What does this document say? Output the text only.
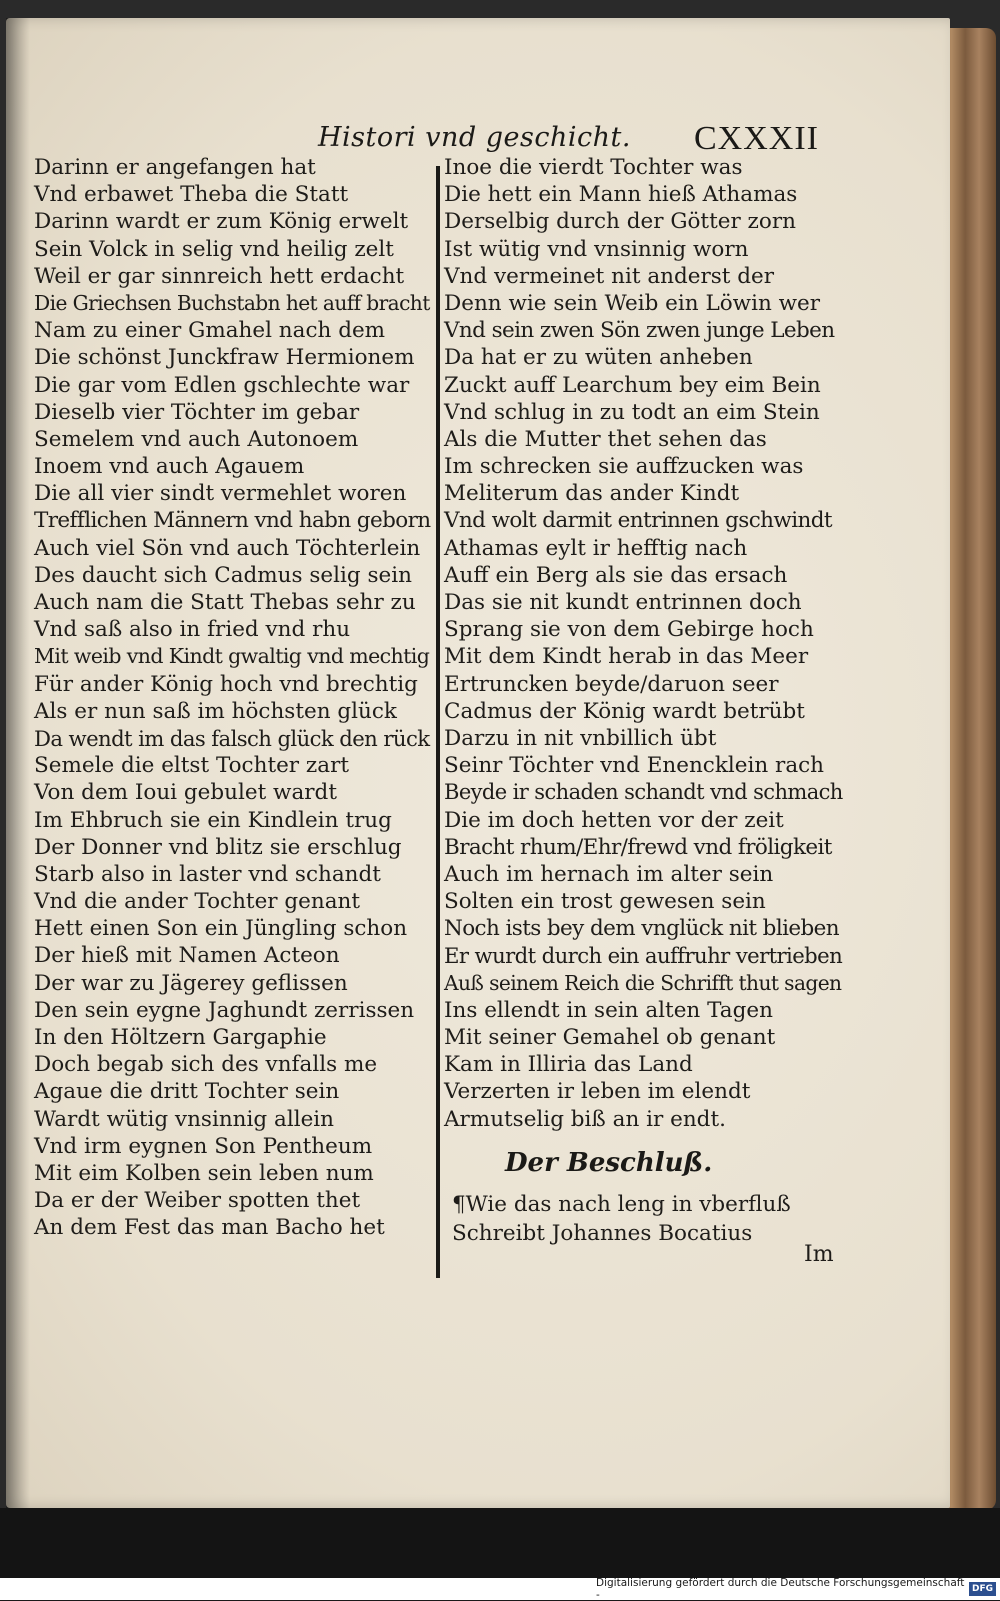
Histori vnd geschicht. CXXXII
Darinn er angefangen hat
Vnd erbawet Theba die Statt
Darinn wardt er zum König erwelt
Sein Volck in selig vnd heilig zelt
Weil er gar sinnreich hett erdacht
Die Griechsen Buchstabn het auff bracht
Nam zu einer Gmahel nach dem
Die schönst Junckfraw Hermionem
Die gar vom Edlen gschlechte war
Dieselb vier Töchter im gebar
Semelem vnd auch Autonoem
Inoem vnd auch Agauem
Die all vier sindt vermehlet woren
Trefflichen Männern vnd habn geborn
Auch viel Sön vnd auch Töchterlein
Des daucht sich Cadmus selig sein
Auch nam die Statt Thebas sehr zu
Vnd saß also in fried vnd rhu
Mit weib vnd Kindt gwaltig vnd mechtig
Für ander König hoch vnd brechtig
Als er nun saß im höchsten glück
Da wendt im das falsch glück den rück
Semele die eltst Tochter zart
Von dem Ioui gebulet wardt
Im Ehbruch sie ein Kindlein trug
Der Donner vnd blitz sie erschlug
Starb also in laster vnd schandt
Vnd die ander Tochter genant
Hett einen Son ein Jüngling schon
Der hieß mit Namen Acteon
Der war zu Jägerey geflissen
Den sein eygne Jaghundt zerrissen
In den Höltzern Gargaphie
Doch begab sich des vnfalls me
Agaue die dritt Tochter sein
Wardt wütig vnsinnig allein
Vnd irm eygnen Son Pentheum
Mit eim Kolben sein leben num
Da er der Weiber spotten thet
An dem Fest das man Bacho het
Inoe die vierdt Tochter was
Die hett ein Mann hieß Athamas
Derselbig durch der Götter zorn
Ist wütig vnd vnsinnig worn
Vnd vermeinet nit anderst der
Denn wie sein Weib ein Löwin wer
Vnd sein zwen Sön zwen junge Leben
Da hat er zu wüten anheben
Zuckt auff Learchum bey eim Bein
Vnd schlug in zu todt an eim Stein
Als die Mutter thet sehen das
Im schrecken sie auffzucken was
Meliterum das ander Kindt
Vnd wolt darmit entrinnen gschwindt
Athamas eylt ir hefftig nach
Auff ein Berg als sie das ersach
Das sie nit kundt entrinnen doch
Sprang sie von dem Gebirge hoch
Mit dem Kindt herab in das Meer
Ertruncken beyde/daruon seer
Cadmus der König wardt betrübt
Darzu in nit vnbillich übt
Seinr Töchter vnd Enencklein rach
Beyde ir schaden schandt vnd schmach
Die im doch hetten vor der zeit
Bracht rhum/Ehr/frewd vnd fröligkeit
Auch im hernach im alter sein
Solten ein trost gewesen sein
Noch ists bey dem vnglück nit blieben
Er wurdt durch ein auffruhr vertrieben
Auß seinem Reich die Schrifft thut sagen
Ins ellendt in sein alten Tagen
Mit seiner Gemahel ob genant
Kam in Illiria das Land
Verzerten ir leben im elendt
Armutselig biß an ir endt.
Der Beschluß.
¶Wie das nach leng in vberfluß
Schreibt Johannes Bocatius
Im
Digitalisierung gefördert durch die Deutsche Forschungsgemeinschaft -	DFG
